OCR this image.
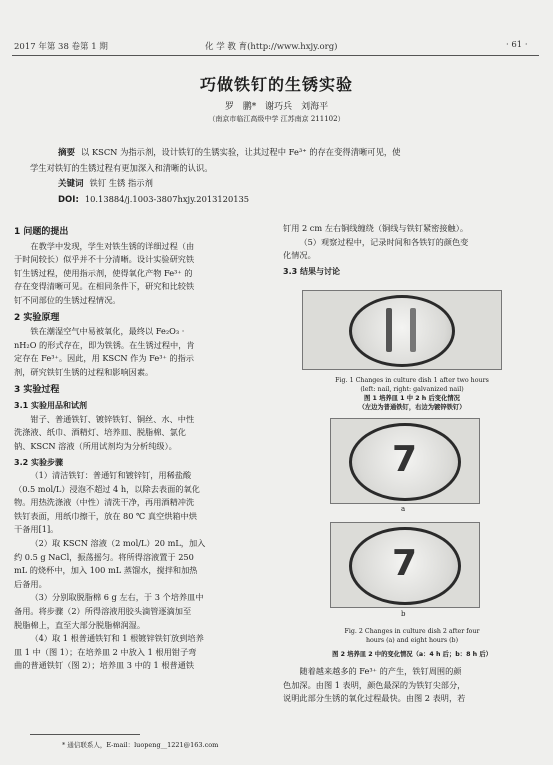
2017 年第 38 卷第 1 期	化 学 教 育(http://www.hxjy.org)	· 61 ·
巧做铁钉的生锈实验
罗 鹏* 谢巧兵 刘海平
（南京市临江高级中学 江苏南京 211102）
摘要 以 KSCN 为指示剂，设计铁钉的生锈实验，让其过程中 Fe³⁺ 的存在变得清晰可见，使
学生对铁钉的生锈过程有更加深入和清晰的认识。
关键词 铁钉 生锈 指示剂
DOI: 10.13884/j.1003-3807hxjy.2013120135
1 问题的提出

在教学中发现，学生对铁生锈的详细过程（由

于时间较长）似乎并不十分清晰。设计实验研究铁
钉生锈过程，使用指示剂，使得氧化产物 Fe³⁺ 的
存在变得清晰可见。在相同条件下，研究和比较铁
钉不同部位的生锈过程情况。
2 实验原理

铁在潮湿空气中易被氧化，最终以 Fe₂O₃ ·

nH₂O 的形式存在，即为铁锈。在生锈过程中，肯
定存在 Fe³⁺。因此，用 KSCN 作为 Fe³⁺ 的指示
剂，研究铁钉生锈的过程和影响因素。
3 实验过程
3.1 实验用品和试剂

钳子、普通铁钉、镀锌铁钉、铜丝、水、中性

洗涤液、纸巾、酒精灯、培养皿、脱脂棉、氯化
钠、KSCN 溶液（所用试剂均为分析纯级）。
3.2 实验步骤

（1）清洁铁钉：普通钉和镀锌钉，用稀盐酸

（0.5 mol/L）浸泡不超过 4 h，以除去表面的氧化
物。用热洗涤液（中性）清洗干净，再用酒精冲洗
铁钉表面，用纸巾擦干，放在 80 ℃ 真空烘箱中烘
干备用[1]。

（2）取 KSCN 溶液（2 mol/L）20 mL，加入

约 0.5 g NaCl，振荡摇匀。将所得溶液置于 250
mL 的烧杯中，加入 100 mL 蒸馏水，搅拌和加热
后备用。

（3）分别取脱脂棉 6 g 左右，于 3 个培养皿中

备用。将步骤（2）所得溶液用胶头滴管逐滴加至
脱脂棉上，直至大部分脱脂棉润湿。

（4）取 1 根普通铁钉和 1 根镀锌铁钉放到培养

皿 1 中（图 1）；在培养皿 2 中放入 1 根用钳子弯
曲的普通铁钉（图 2）；培养皿 3 中的 1 根普通铁
钉用 2 cm 左右铜线缠绕（铜线与铁钉紧密接触）。

（5）观察过程中，记录时间和各铁钉的颜色变

化情况。
3.3 结果与讨论
Fig. 1 Changes in culture dish 1 after two hours
(left: nail, right: galvanized nail)
图 1 培养皿 1 中 2 h 后变化情况
（左边为普通铁钉，右边为镀锌铁钉）
7
a
7
b
Fig. 2 Changes in culture dish 2 after four
hours (a) and eight hours (b)
图 2 培养皿 2 中的变化情况（a：4 h 后；b：8 h 后）

随着越来越多的 Fe³⁺ 的产生，铁钉周围的颜

色加深。由图 1 表明，颜色最深的为铁钉尖部分，
说明此部分生锈的氧化过程最快。由图 2 表明，若
* 通信联系人，E-mail：luopeng__1221@163.com
